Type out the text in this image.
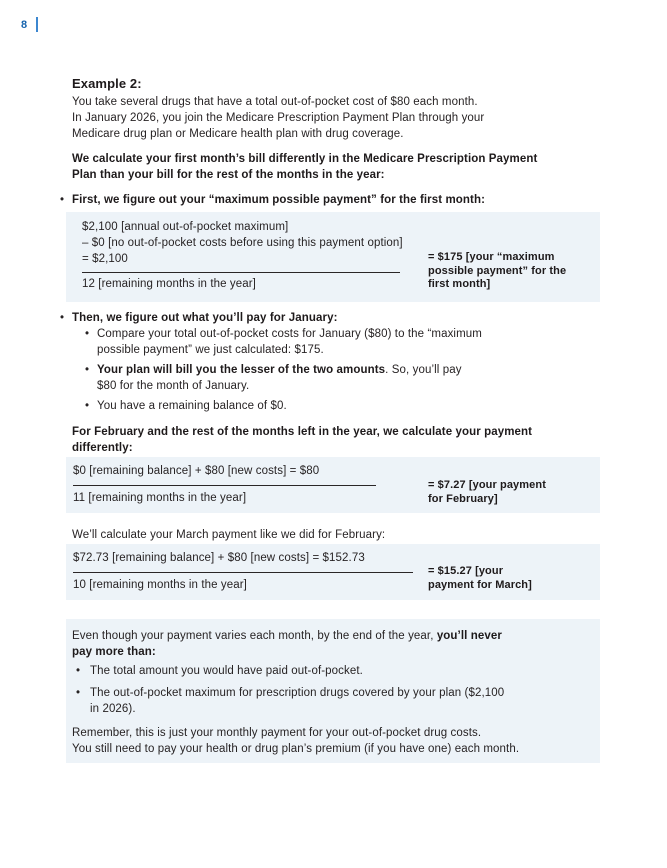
8
Example 2:
You take several drugs that have a total out-of-pocket cost of $80 each month.
In January 2026, you join the Medicare Prescription Payment Plan through your
Medicare drug plan or Medicare health plan with drug coverage.
We calculate your first month’s bill differently in the Medicare Prescription Payment
Plan than your bill for the rest of the months in the year:
• First, we figure out your “maximum possible payment” for the first month:
$2,100 [annual out-of-pocket maximum]
– $0 [no out-of-pocket costs before using this payment option]
= $2,100
12 [remaining months in the year]
= $175 [your “maximum
possible payment” for the
first month]
• Then, we figure out what you’ll pay for January:
• Compare your total out-of-pocket costs for January ($80) to the “maximum
possible payment” we just calculated: $175.
• Your plan will bill you the lesser of the two amounts. So, you’ll pay
$80 for the month of January.
• You have a remaining balance of $0.
For February and the rest of the months left in the year, we calculate your payment
differently:
$0 [remaining balance] + $80 [new costs] = $80
11 [remaining months in the year]
= $7.27 [your payment
for February]
We’ll calculate your March payment like we did for February:
$72.73 [remaining balance] + $80 [new costs] = $152.73
10 [remaining months in the year]
= $15.27 [your
payment for March]
Even though your payment varies each month, by the end of the year, you’ll never
pay more than:
• The total amount you would have paid out-of-pocket.
• The out-of-pocket maximum for prescription drugs covered by your plan ($2,100
in 2026).
Remember, this is just your monthly payment for your out-of-pocket drug costs.
You still need to pay your health or drug plan’s premium (if you have one) each month.
